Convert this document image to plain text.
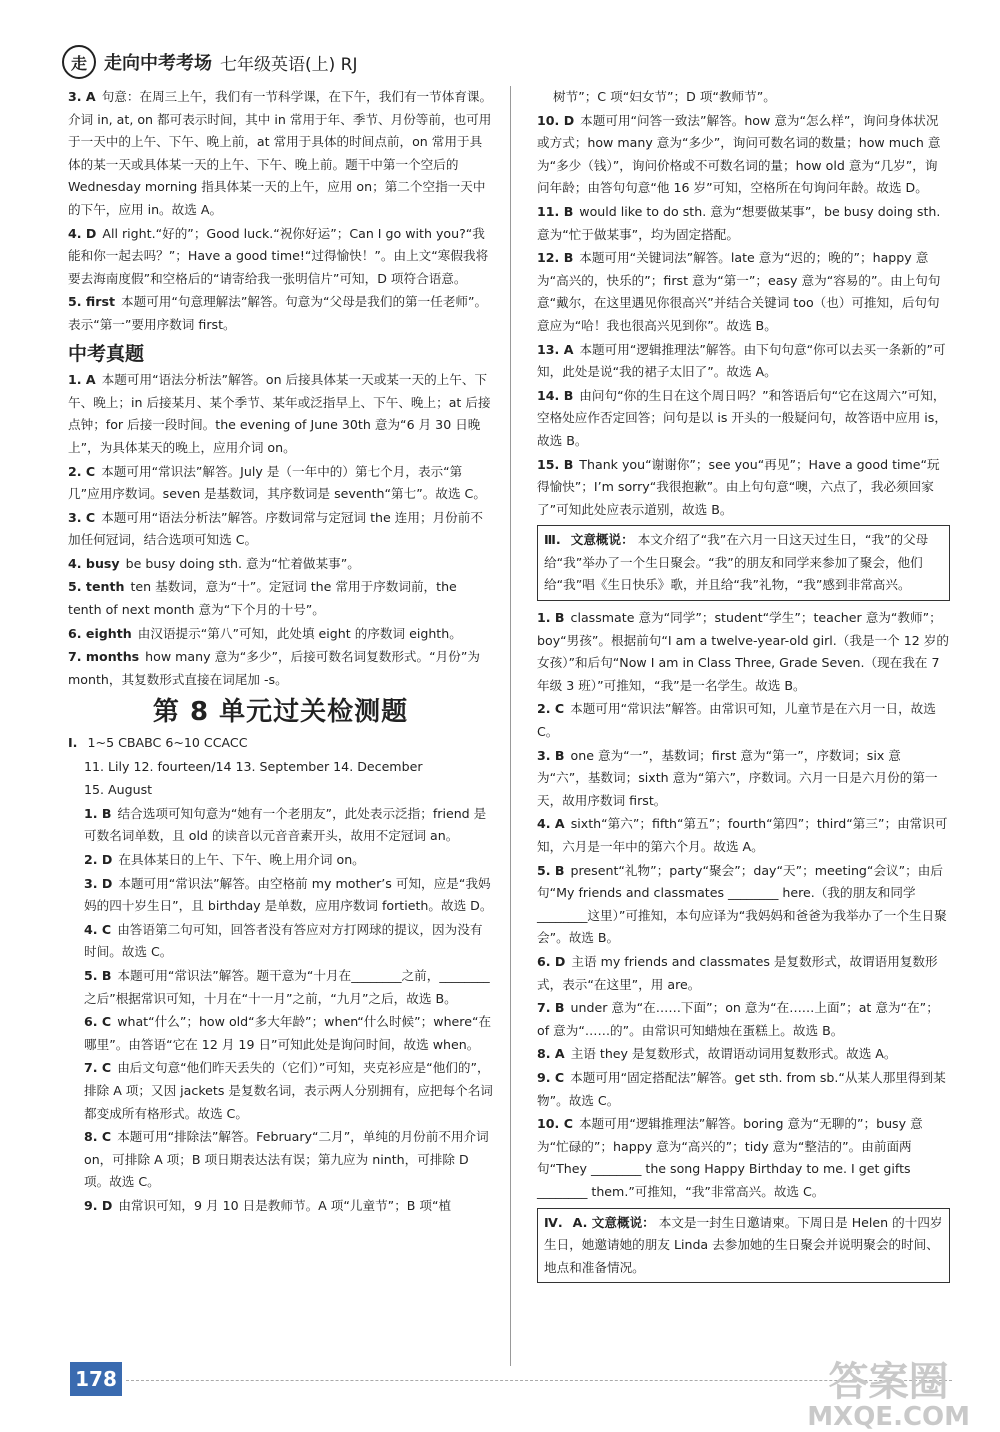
走 走向中考考场 七年级英语(上) RJ
3. A 句意：在周三上午，我们有一节科学课，在下午，我们有一节体育课。介词 in, at, on 都可表示时间，其中 in 常用于年、季节、月份等前，也可用于一天中的上午、下午、晚上前，at 常用于具体的时间点前，on 常用于具体的某一天或具体某一天的上午、下午、晚上前。题干中第一个空后的 Wednesday morning 指具体某一天的上午，应用 on；第二个空指一天中的下午，应用 in。故选 A。
4. D All right.“好的”；Good luck.“祝你好运”；Can I go with you?“我能和你一起去吗？”；Have a good time!“过得愉快！”。由上文“寒假我将要去海南度假”和空格后的“请寄给我一张明信片”可知，D 项符合语意。
5. first 本题可用“句意理解法”解答。句意为“父母是我们的第一任老师”。表示“第一”要用序数词 first。
中考真题
1. A 本题可用“语法分析法”解答。on 后接具体某一天或某一天的上午、下午、晚上；in 后接某月、某个季节、某年或泛指早上、下午、晚上；at 后接点钟；for 后接一段时间。the evening of June 30th 意为“6 月 30 日晚上”，为具体某天的晚上，应用介词 on。
2. C 本题可用“常识法”解答。July 是（一年中的）第七个月，表示“第几”应用序数词。seven 是基数词，其序数词是 seventh“第七”。故选 C。
3. C 本题可用“语法分析法”解答。序数词常与定冠词 the 连用；月份前不加任何冠词，结合选项可知选 C。
4. busy be busy doing sth. 意为“忙着做某事”。
5. tenth ten 基数词，意为“十”。定冠词 the 常用于序数词前，the tenth of next month 意为“下个月的十号”。
6. eighth 由汉语提示“第八”可知，此处填 eight 的序数词 eighth。
7. months how many 意为“多少”，后接可数名词复数形式。“月份”为 month，其复数形式直接在词尾加 -s。
第 8 单元过关检测题
Ⅰ. 1~5 CBABC 6~10 CCACC
11. Lily 12. fourteen/14 13. September 14. December
15. August
1. B 结合选项可知句意为“她有一个老朋友”，此处表示泛指；friend 是可数名词单数，且 old 的读音以元音音素开头，故用不定冠词 an。
2. D 在具体某日的上午、下午、晚上用介词 on。
3. D 本题可用“常识法”解答。由空格前 my mother’s 可知，应是“我妈妈的四十岁生日”，且 birthday 是单数，应用序数词 fortieth。故选 D。
4. C 由答语第二句可知，回答者没有答应对方打网球的提议，因为没有时间。故选 C。
5. B 本题可用“常识法”解答。题干意为“十月在________之前，________之后”根据常识可知，十月在“十一月”之前，“九月”之后，故选 B。
6. C what“什么”；how old“多大年龄”；when“什么时候”；where“在哪里”。由答语“它在 12 月 19 日”可知此处是询问时间，故选 when。
7. C 由后文句意“他们昨天丢失的（它们）”可知，夹克衫应是“他们的”，排除 A 项；又因 jackets 是复数名词，表示两人分别拥有，应把每个名词都变成所有格形式。故选 C。
8. C 本题可用“排除法”解答。February“二月”，单纯的月份前不用介词 on，可排除 A 项；B 项日期表达法有误；第九应为 ninth，可排除 D 项。故选 C。
9. D 由常识可知，9 月 10 日是教师节。A 项“儿童节”；B 项“植
树节”；C 项“妇女节”；D 项“教师节”。
10. D 本题可用“问答一致法”解答。how 意为“怎么样”，询问身体状况或方式；how many 意为“多少”，询问可数名词的数量；how much 意为“多少（钱）”，询问价格或不可数名词的量；how old 意为“几岁”，询问年龄；由答句句意“他 16 岁”可知，空格所在句询问年龄。故选 D。
11. B would like to do sth. 意为“想要做某事”，be busy doing sth. 意为“忙于做某事”，均为固定搭配。
12. B 本题可用“关键词法”解答。late 意为“迟的；晚的”；happy 意为“高兴的，快乐的”；first 意为“第一”；easy 意为“容易的”。由上句句意“戴尔，在这里遇见你很高兴”并结合关键词 too（也）可推知，后句句意应为“哈！我也很高兴见到你”。故选 B。
13. A 本题可用“逻辑推理法”解答。由下句句意“你可以去买一条新的”可知，此处是说“我的裙子太旧了”。故选 A。
14. B 由问句“你的生日在这个周日吗？”和答语后句“它在这周六”可知，空格处应作否定回答；问句是以 is 开头的一般疑问句，故答语中应用 is，故选 B。
15. B Thank you“谢谢你”；see you“再见”；Have a good time“玩得愉快”；I’m sorry“我很抱歉”。由上句句意“噢，六点了，我必须回家了”可知此处应表示道别，故选 B。
Ⅲ. 文意概说： 本文介绍了“我”在六月一日这天过生日，“我”的父母给“我”举办了一个生日聚会。“我”的朋友和同学来参加了聚会，他们给“我”唱《生日快乐》歌，并且给“我”礼物，“我”感到非常高兴。
1. B classmate 意为“同学”；student“学生”；teacher 意为“教师”；boy“男孩”。根据前句“I am a twelve-year-old girl.（我是一个 12 岁的女孩）”和后句“Now I am in Class Three, Grade Seven.（现在我在 7 年级 3 班）”可推知，“我”是一名学生。故选 B。
2. C 本题可用“常识法”解答。由常识可知，儿童节是在六月一日，故选 C。
3. B one 意为“一”，基数词；first 意为“第一”，序数词；six 意为“六”，基数词；sixth 意为“第六”，序数词。六月一日是六月份的第一天，故用序数词 first。
4. A sixth“第六”；fifth“第五”；fourth“第四”；third“第三”；由常识可知，六月是一年中的第六个月。故选 A。
5. B present“礼物”；party“聚会”；day“天”；meeting“会议”；由后句“My friends and classmates ________ here.（我的朋友和同学________这里）”可推知，本句应译为“我妈妈和爸爸为我举办了一个生日聚会”。故选 B。
6. D 主语 my friends and classmates 是复数形式，故谓语用复数形式，表示“在这里”，用 are。
7. B under 意为“在……下面”；on 意为“在……上面”；at 意为“在”；of 意为“……的”。由常识可知蜡烛在蛋糕上。故选 B。
8. A 主语 they 是复数形式，故谓语动词用复数形式。故选 A。
9. C 本题可用“固定搭配法”解答。get sth. from sb.“从某人那里得到某物”。故选 C。
10. C 本题可用“逻辑推理法”解答。boring 意为“无聊的”；busy 意为“忙碌的”；happy 意为“高兴的”；tidy 意为“整洁的”。由前面两句“They ________ the song Happy Birthday to me. I get gifts ________ them.”可推知，“我”非常高兴。故选 C。
Ⅳ. A. 文意概说： 本文是一封生日邀请柬。下周日是 Helen 的十四岁生日，她邀请她的朋友 Linda 去参加她的生日聚会并说明聚会的时间、地点和准备情况。
178	答案圈
MXQE.COM
